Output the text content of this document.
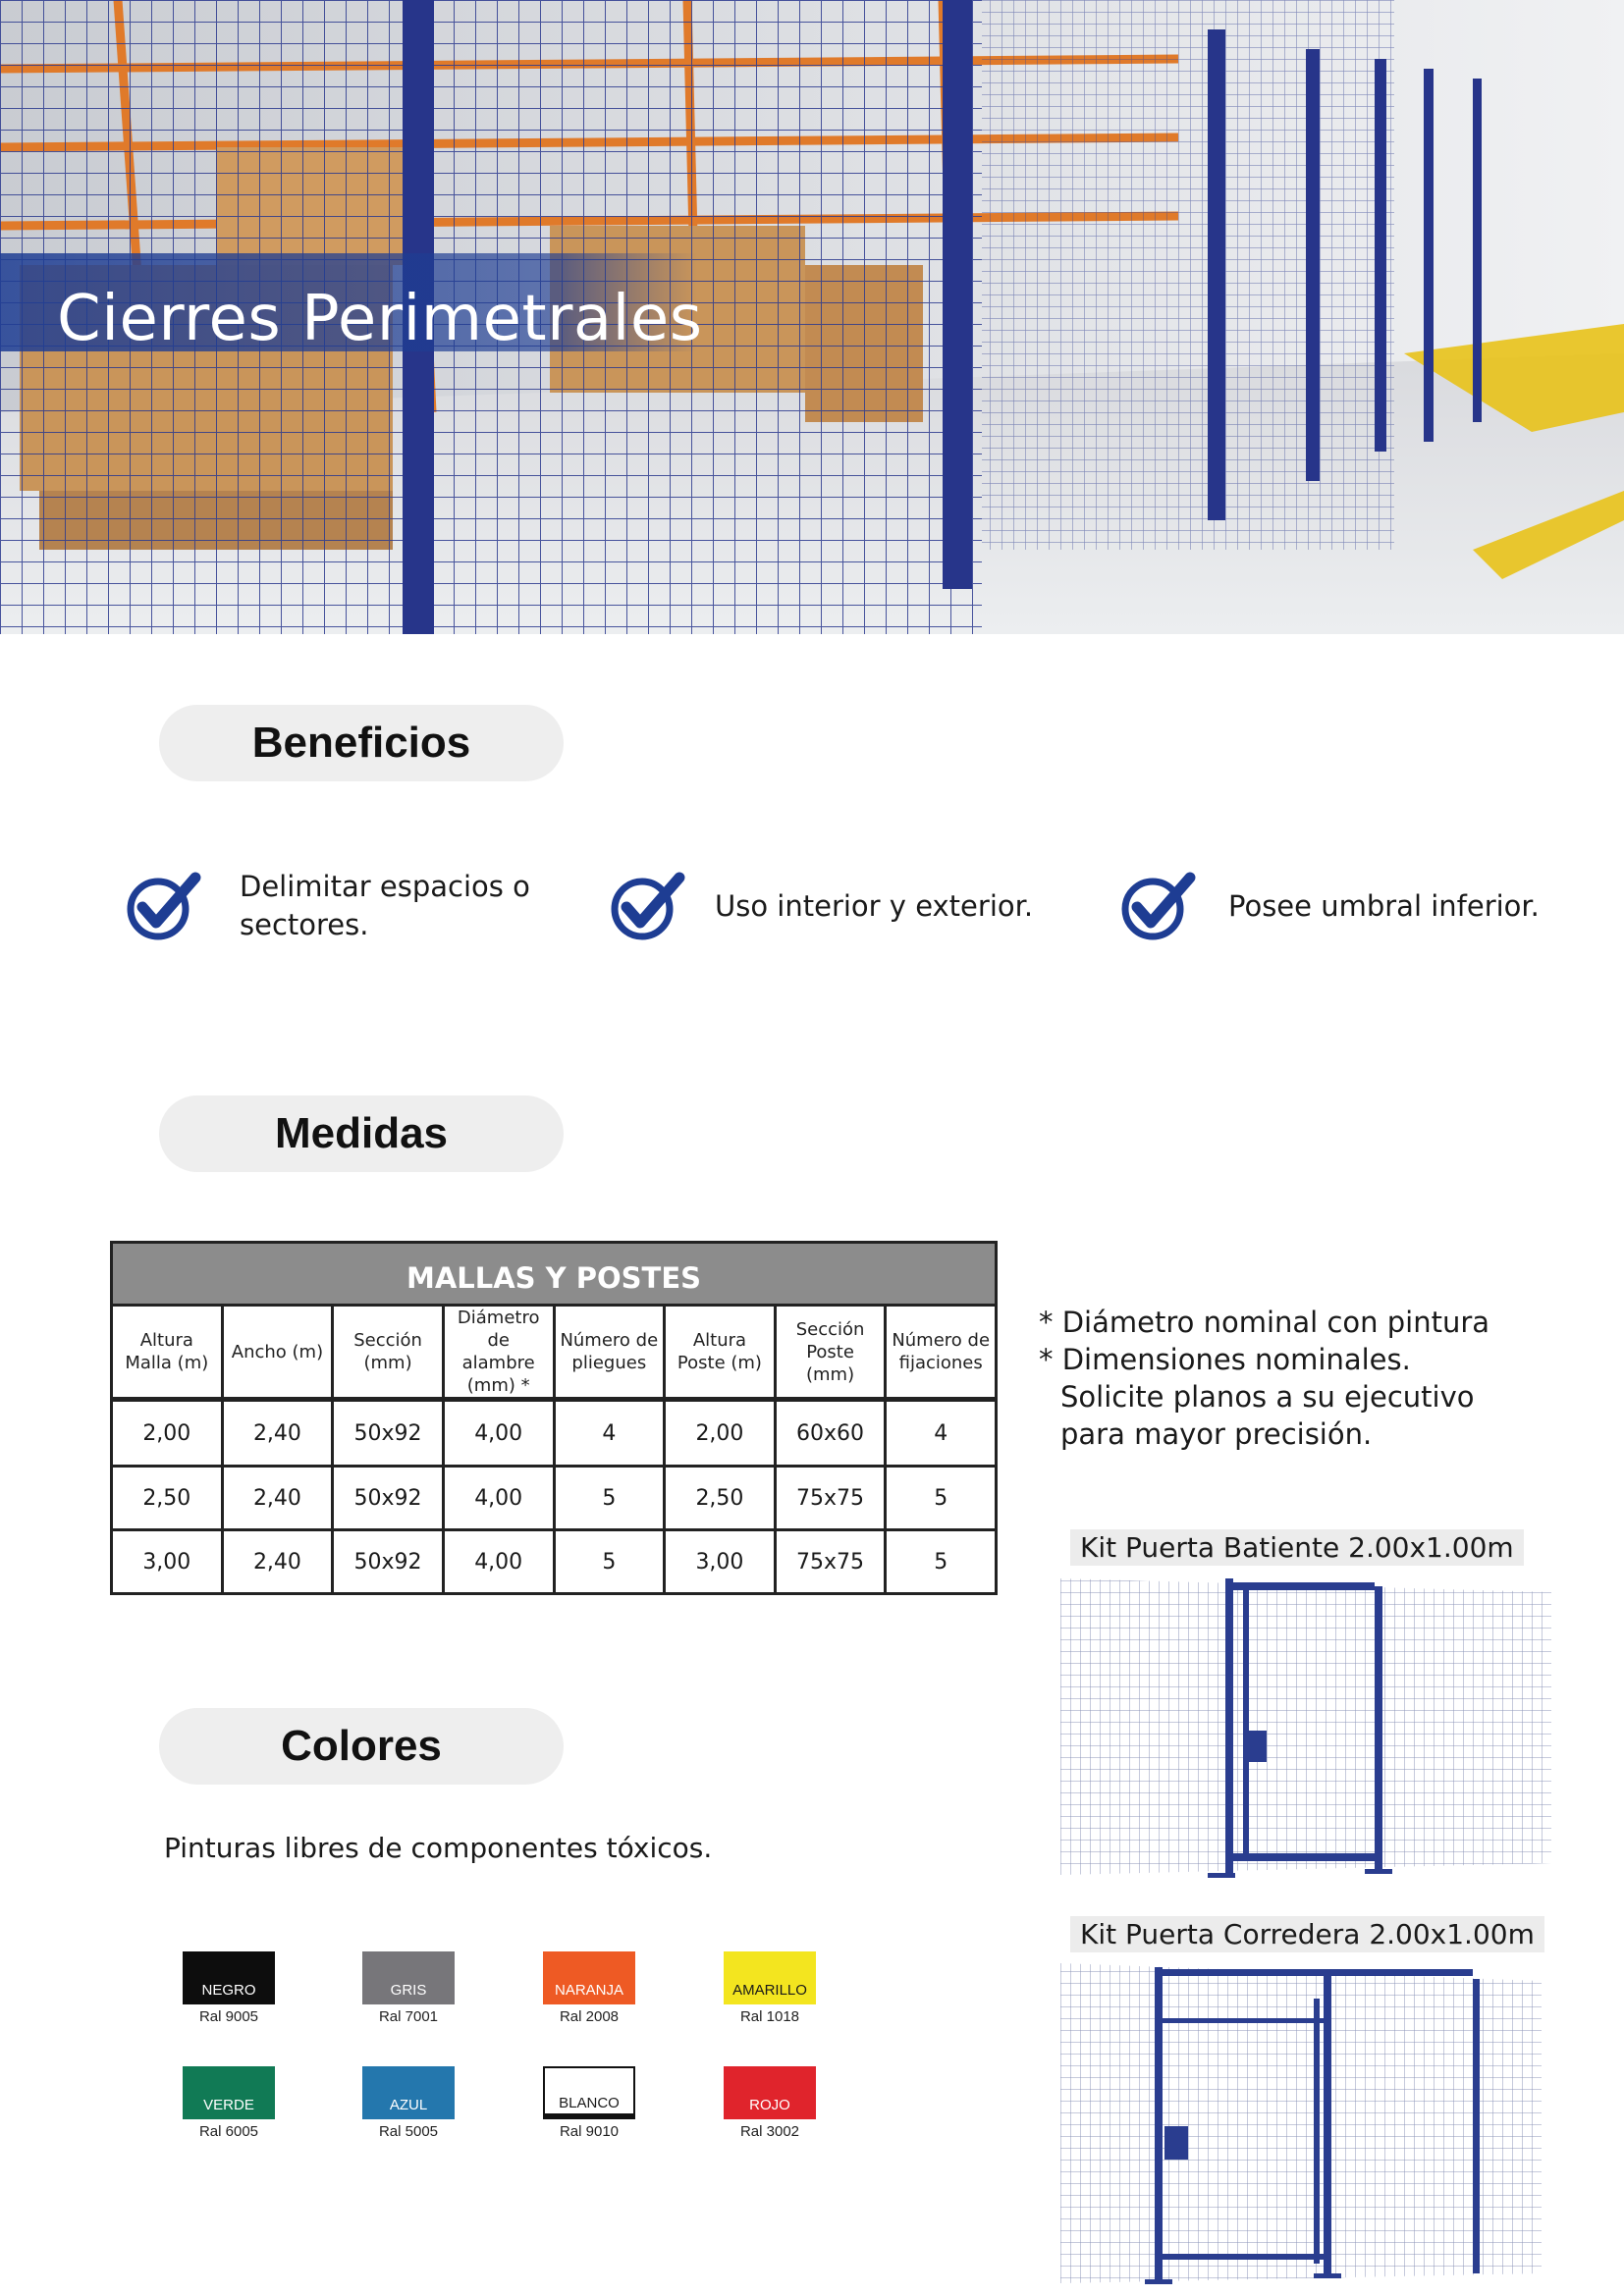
Cierres Perimetrales
Beneficios
Delimitar espacios o sectores.
Uso interior y exterior.	Posee umbral inferior.
Medidas
MALLAS Y POSTES
Altura Malla (m)	Ancho (m)	Sección (mm)	Diámetro de alambre (mm) *	Número de pliegues	Altura Poste (m)	Sección Poste (mm)	Número de fijaciones
2,00	2,40	50x92	4,00	4	2,00	60x60	4
2,50	2,40	50x92	4,00	5	2,50	75x75	5
3,00	2,40	50x92	4,00	5	3,00	75x75	5
* Diámetro nominal con pintura
* Dimensiones nominales. Solicite planos a su ejecutivo para mayor precisión.
Kit Puerta Batiente 2.00x1.00m
Kit Puerta Corredera 2.00x1.00m
Colores
Pinturas libres de componentes tóxicos.
NEGRO
Ral 9005
GRIS
Ral 7001
NARANJA
Ral 2008
AMARILLO
Ral 1018
VERDE
Ral 6005
AZUL
Ral 5005
BLANCO
Ral 9010
ROJO
Ral 3002
